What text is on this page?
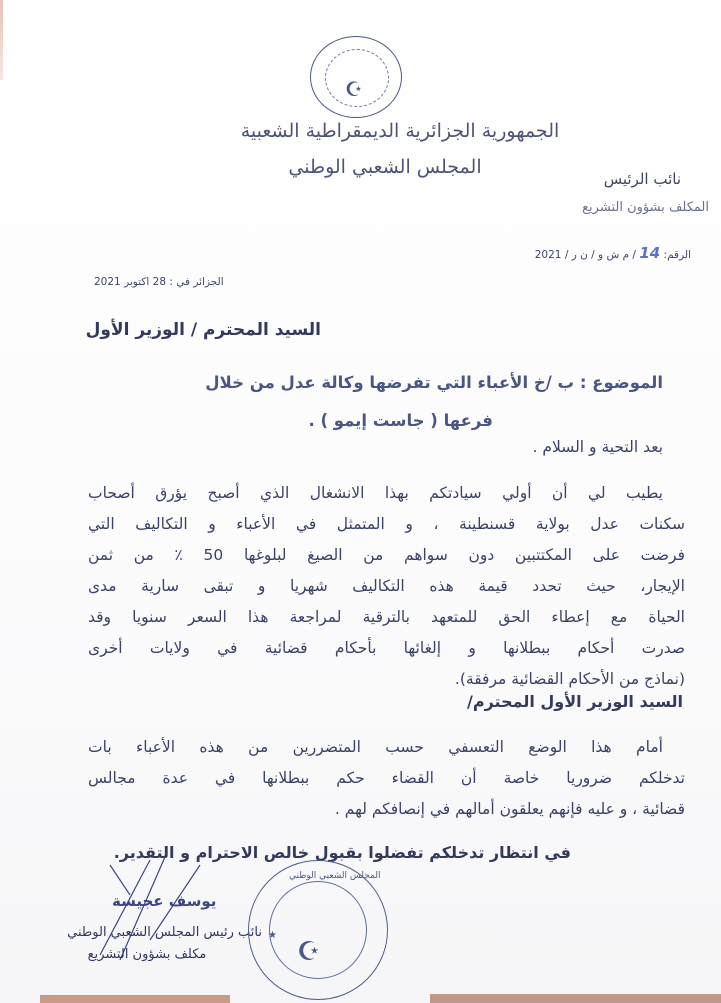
☪
الجمهورية الجزائرية الديمقراطية الشعبية
المجلس الشعبي الوطني
نائب الرئيس
المكلف بشؤون التشريع
الرقم: 14 / م ش و / ن ر / 2021
الجزائر في : 28 اكتوبر 2021
السيد المحترم / الوزير الأول
الموضوع : ب /خ الأعباء التي تفرضها وكالة عدل من خلال
فرعها ( جاست إيمو ) .
بعد التحية و السلام .
يطيب لي أن أولي سيادتكم بهذا الانشغال الذي أصبح يؤرق أصحاب
سكنات عدل بولاية قسنطينة ، و المتمثل في الأعباء و التكاليف التي
فرضت على المكتتبين دون سواهم من الصيغ لبلوغها 50 ٪ من ثمن
الإيجار، حيث تحدد قيمة هذه التكاليف شهريا و تبقى سارية مدى
الحياة مع إعطاء الحق للمتعهد بالترقية لمراجعة هذا السعر سنويا وقد
صدرت أحكام ببطلانها و إلغائها بأحكام قضائية في ولايات أخرى
(نماذج من الأحكام القضائية مرفقة).
السيد الوزير الأول المحترم/
أمام هذا الوضع التعسفي حسب المتضررين من هذه الأعباء بات
تدخلكم ضروريا خاصة أن القضاء حكم ببطلانها في عدة مجالس
قضائية ، و عليه فإنهم يعلقون أمالهم في إنصافكم لهم .
في انتظار تدخلكم تفضلوا بقبول خالص الاحترام و التقدير.
يوسف عجيسة
نائب رئيس المجلس الشعبي الوطني
مكلف بشؤون التشريع	☪
المجلس الشعبي الوطني
★
